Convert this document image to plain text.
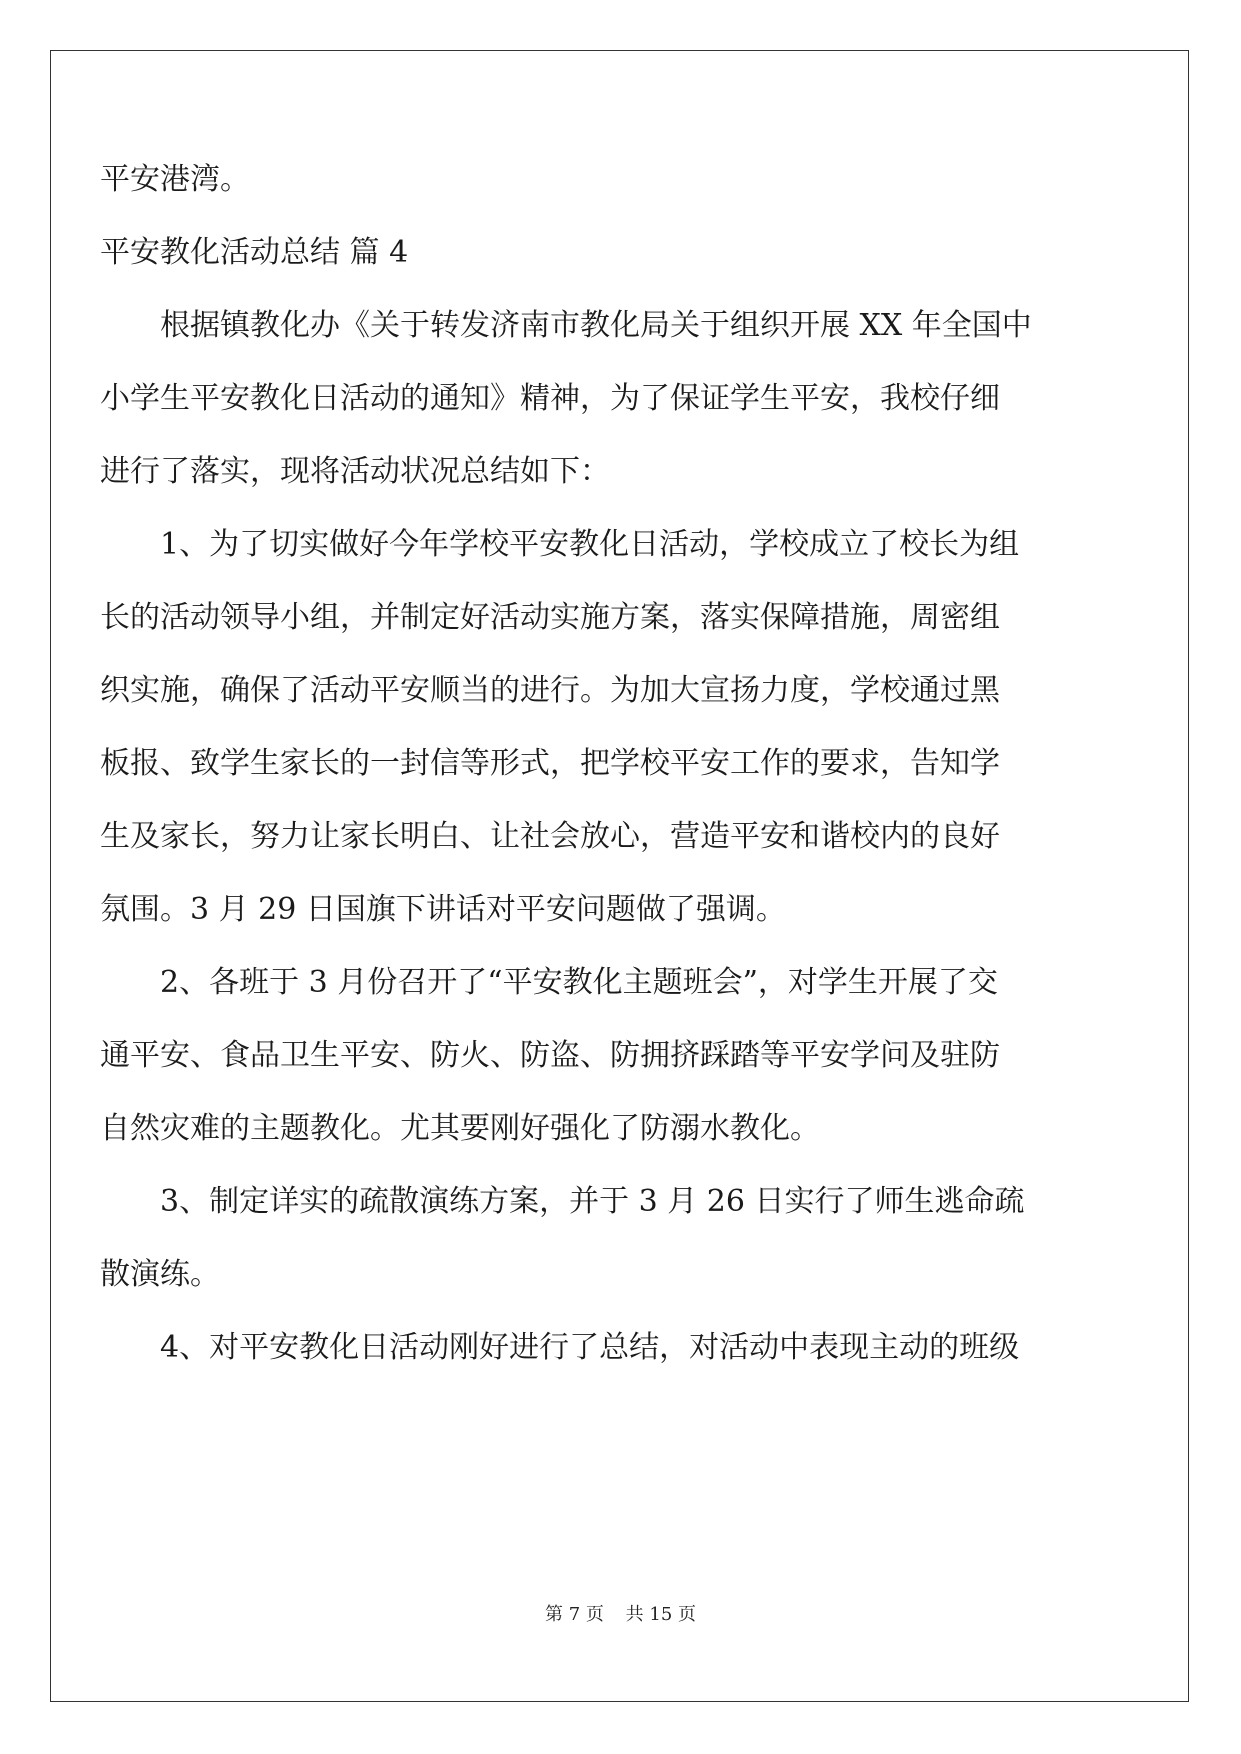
平安港湾。
平安教化活动总结 篇 4
　　根据镇教化办《关于转发济南市教化局关于组织开展 XX 年全国中
小学生平安教化日活动的通知》精神，为了保证学生平安，我校仔细
进行了落实，现将活动状况总结如下：
　　1、为了切实做好今年学校平安教化日活动，学校成立了校长为组
长的活动领导小组，并制定好活动实施方案，落实保障措施，周密组
织实施，确保了活动平安顺当的进行。为加大宣扬力度，学校通过黑
板报、致学生家长的一封信等形式，把学校平安工作的要求，告知学
生及家长，努力让家长明白、让社会放心，营造平安和谐校内的良好
氛围。3 月 29 日国旗下讲话对平安问题做了强调。
　　2、各班于 3 月份召开了“平安教化主题班会”，对学生开展了交
通平安、食品卫生平安、防火、防盗、防拥挤踩踏等平安学问及驻防
自然灾难的主题教化。尤其要刚好强化了防溺水教化。
　　3、制定详实的疏散演练方案，并于 3 月 26 日实行了师生逃命疏
散演练。
　　4、对平安教化日活动刚好进行了总结，对活动中表现主动的班级
第 7 页 共 15 页
